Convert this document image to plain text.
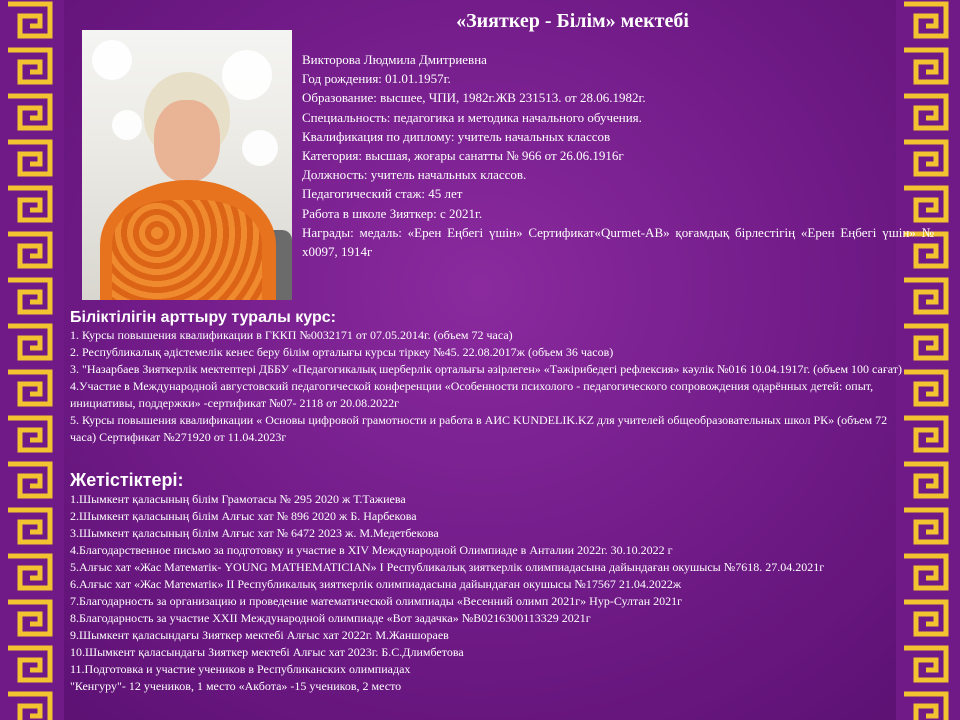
«Зияткер - Білім» мектебі
Викторова Людмила Дмитриевна
Год рождения: 01.01.1957г.
Образование: высшее, ЧПИ, 1982г.ЖВ 231513. от 28.06.1982г.
Специальность: педагогика и методика начального обучения.
Квалификация по диплому: учитель начальных классов
Категория: высшая, жоғары санатты № 966 от 26.06.1916г
Должность: учитель начальных классов.
Педагогический стаж: 45 лет
Работа в школе Зияткер: с 2021г.
Награды: медаль: «Ерен Еңбегі үшін» Сертификат«Qurmet-AB» қоғамдық бірлестігің «Ерен Еңбегі үшін» № х0097, 1914г
Біліктілігін арттыру туралы курс:
1. Курсы повышения квалификации в ГККП №0032171 от 07.05.2014г. (объем 72 часа)
2. Республикалық әдістемелік кенес беру білім орталығы курсы тіркеу №45. 22.08.2017ж (объем 36 часов)
3. "Назарбаев Зияткерлік мектептері ДББУ «Педагогикалық шерберлік орталығы әзірлеген» «Тәжірибедегі рефлексия» кәулік №016 10.04.1917г. (объем 100 сағат)
4.Участие в Международной августовский педагогической конференции «Особенности психолого - педагогического сопровождения одарённых детей: опыт, инициативы, поддержки» -сертификат №07- 2118 от 20.08.2022г
5. Курсы повышения квалификации « Основы цифровой грамотности и работа в АИС KUNDELIK.KZ для учителей общеобразовательных школ РК» (объем 72 часа) Сертификат №271920 от 11.04.2023г
Жетістіктері:
1.Шымкент қаласының білім Грамотасы № 295 2020 ж Т.Тажиева
2.Шымкент қаласының білім Алғыс хат № 896 2020 ж Б. Нарбекова
3.Шымкент қаласының білім Алғыс хат № 6472 2023 ж. М.Медетбекова
4.Благодарственное письмо за подготовку и участие в XIV Международной Олимпиаде в Анталии 2022г. 30.10.2022 г
5.Алғыс хат «Жас Математік- YOUNG MATHEMATICIAN» I Республикалық зияткерлік олимпиадасына дайындаған окушысы №7618. 27.04.2021г
6.Алғыс хат «Жас Математік» II Республикалық зияткерлік олимпиадасына дайындаған окушысы №17567 21.04.2022ж
7.Благодарность за организацию и проведение математической олимпиады «Весенний олимп 2021г» Нур-Султан 2021г
8.Благодарность за участие XXII Международной олимпиаде «Вот задачка» №В0216300113329 2021г
9.Шымкент қаласындағы Зияткер мектебі Алғыс хат 2022г. М.Жаншораев
10.Шымкент қаласындағы Зияткер мектебі Алғыс хат 2023г. Б.С.Длимбетова
11.Подготовка и участие учеников в Республиканских олимпиадах
"Кенгуру"- 12 учеников, 1 место «Акбота» -15 учеников, 2 место
